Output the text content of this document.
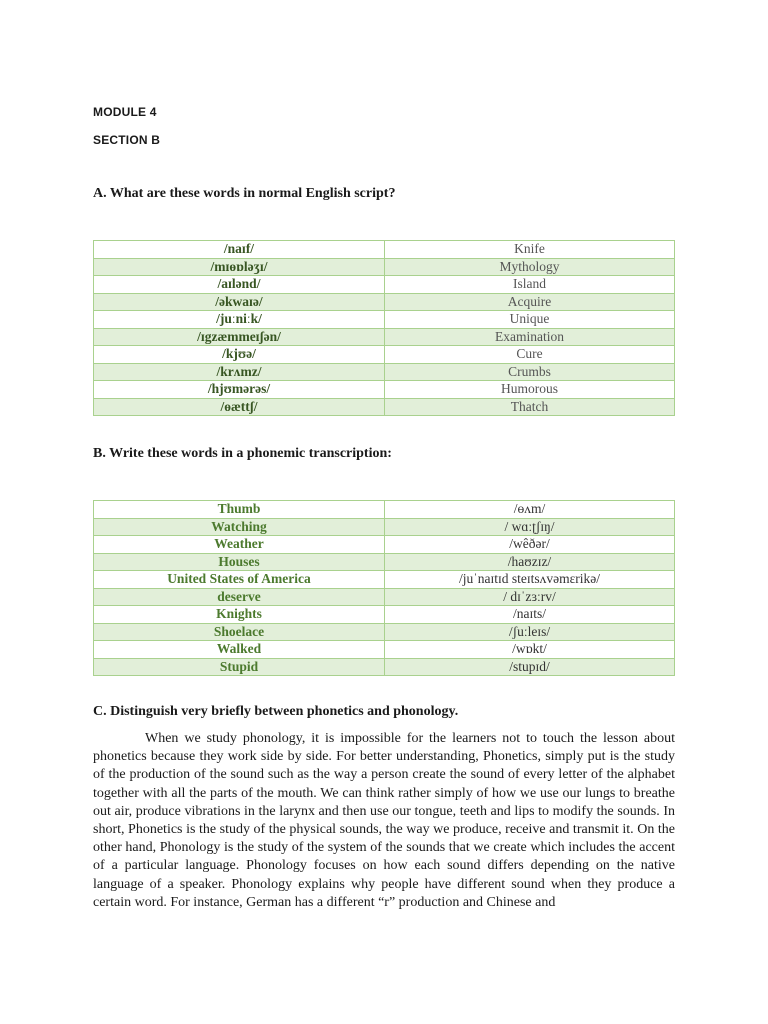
MODULE 4
SECTION B
A. What are these words in normal English script?
/naɪf/	Knife
/mɪɵɒləʒɪ/	Mythology
/aɪlənd/	Island
/əkwaɪə/	Acquire
/juːniːk/	Unique
/ɪgzæmmeɪʃən/	Examination
/kjʊə/	Cure
/krʌmz/	Crumbs
/hjʊmərəs/	Humorous
/ɵættʃ/	Thatch
B. Write these words in a phonemic transcription:
Thumb	/ɵʌm/
Watching	/ wɑːʈʃɪŋ/
Weather	/wêðər/
Houses	/haʊzɪz/
United States of America	/juˈnaɪtɪd steɪtsʌvəmɛrikə/
deserve	/ dɪˈzɜːrv/
Knights	/naɪts/
Shoelace	/ʃuːleɪs/
Walked	/wɒkt/
Stupid	/stupɪd/
C. Distinguish very briefly between phonetics and phonology.

When we study phonology, it is impossible for the learners not to touch the lesson about phonetics because they work side by side. For better understanding, Phonetics, simply put is the study of the production of the sound such as the way a person create the sound of every letter of the alphabet together with all the parts of the mouth. We can think rather simply of how we use our lungs to breathe out air, produce vibrations in the larynx and then use our tongue, teeth and lips to modify the sounds. In short, Phonetics is the study of the physical sounds, the way we produce, receive and transmit it. On the other hand, Phonology is the study of the system of the sounds that we create which includes the accent of a particular language. Phonology focuses on how each sound differs depending on the native language of a speaker. Phonology explains why people have different sound when they produce a certain word. For instance, German has a different “r” production and Chinese and
